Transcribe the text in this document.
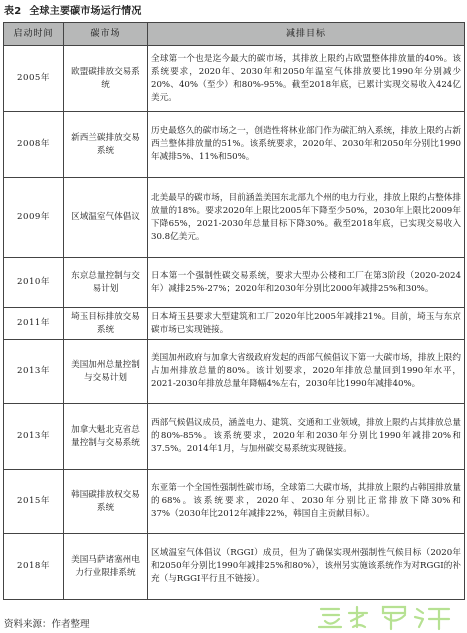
表2 全球主要碳市场运行情况
启动时间	碳市场	减排目标
2005年	欧盟碳排放交易系统	全球第一个也是迄今最大的碳市场，其排放上限约占欧盟整体排放量的40%。该系统要求，2020年、2030年和2050年温室气体排放要比1990年分别减少20%、40%（至少）和80%-95%。截至2018年底，已累计实现交易收入424亿美元。
2008年	新西兰碳排放交易系统	历史最悠久的碳市场之一，创造性将林业部门作为碳汇纳入系统，排放上限约占新西兰整体排放量的51%。该系统要求，2020年、2030年和2050年分别比1990年减排5%、11%和50%。
2009年	区域温室气体倡议	北美最早的碳市场，目前涵盖美国东北部九个州的电力行业，排放上限约占整体排放量的18%。要求2020年上限比2005年下降至少50%，2030年上限比2009年下降65%，2021-2030年总量目标下降30%。截至2018年底，已实现交易收入30.8亿美元。
2010年	东京总量控制与交易计划	日本第一个强制性碳交易系统，要求大型办公楼和工厂在第3阶段（2020-2024年）减排25%-27%；2020年和2030年分别比2000年减排25%和30%。
2011年	埼玉目标排放交易系统	日本埼玉县要求大型建筑和工厂2020年比2005年减排21%。目前，埼玉与东京碳市场已实现链接。
2013年	美国加州总量控制与交易计划	美国加州政府与加拿大省级政府发起的西部气候倡议下第一大碳市场，排放上限约占加州排放总量的80%。该计划要求，2020年排放总量回到1990年水平，2021-2030年排放总量年降幅4%左右，2030年比1990年减排40%。
2013年	加拿大魁北克省总量控制与交易系统	西部气候倡议成员，涵盖电力、建筑、交通和工业领域，排放上限约占其排放总量的80%-85%。该系统要求，2020年和2030年分别比1990年减排20%和37.5%。2014年1月，与加州碳交易系统实现链接。
2015年	韩国碳排放权交易系统	东亚第一个全国性强制性碳市场，全球第二大碳市场，其排放上限约占韩国排放量的68%。该系统要求，2020年、2030年分别比正常排放下降30%和37%（2030年比2012年减排22%，韩国自主贡献目标）。
2018年	美国马萨诸塞州电力行业限排系统	区域温室气体倡议（RGGI）成员，但为了确保实现州强制性气候目标（2020年和2050年分别比1990年减排25%和80%），该州另实施该系统作为对RGGI的补充（与RGGI平行且不链接）。
资料来源：作者整理
